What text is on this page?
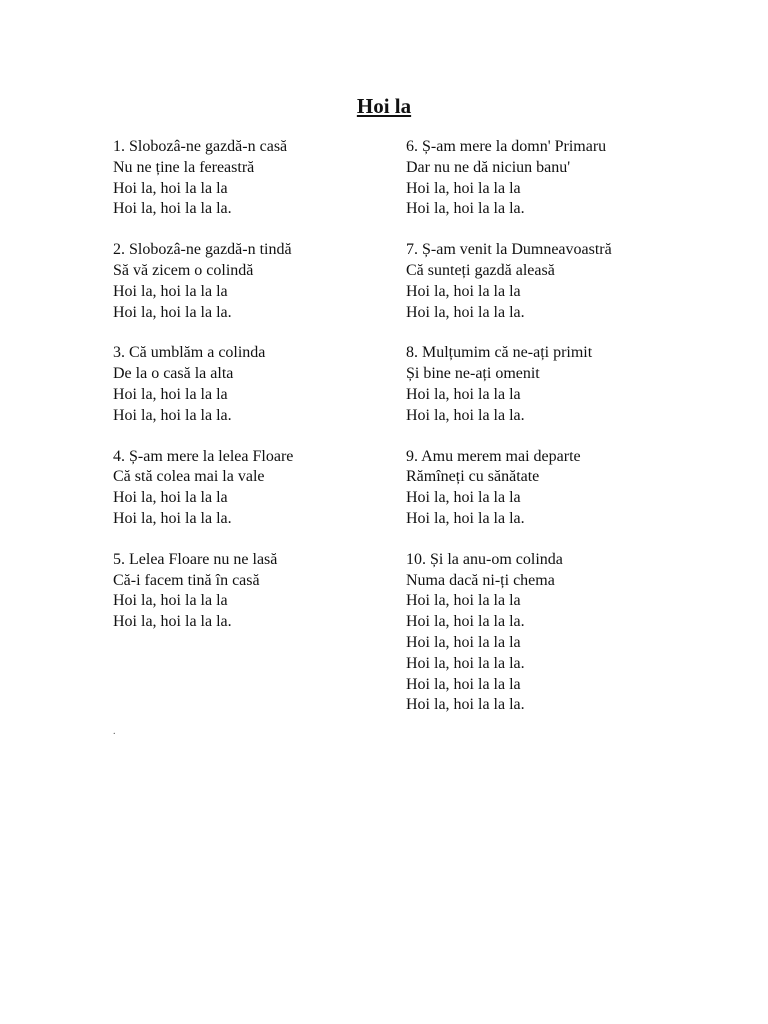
Hoi la
1. Slobozâ-ne gazdă-n casă
Nu ne ține la fereastră
Hoi la, hoi la la la
Hoi la, hoi la la la.
2. Slobozâ-ne gazdă-n tindă
Să vă zicem o colindă
Hoi la, hoi la la la
Hoi la, hoi la la la.
3. Că umblăm a colinda
De la o casă la alta
Hoi la, hoi la la la
Hoi la, hoi la la la.
4. Ș-am mere la lelea Floare
Că stă colea mai la vale
Hoi la, hoi la la la
Hoi la, hoi la la la.
5. Lelea Floare nu ne lasă
Că-i facem tină în casă
Hoi la, hoi la la la
Hoi la, hoi la la la.
6. Ș-am mere la domn' Primaru
Dar nu ne dă niciun banu'
Hoi la, hoi la la la
Hoi la, hoi la la la.
7. Ș-am venit la Dumneavoastră
Că sunteți gazdă aleasă
Hoi la, hoi la la la
Hoi la, hoi la la la.
8. Mulțumim că ne-ați primit
Și bine ne-ați omenit
Hoi la, hoi la la la
Hoi la, hoi la la la.
9. Amu merem mai departe
Rămîneți cu sănătate
Hoi la, hoi la la la
Hoi la, hoi la la la.
10. Și la anu-om colinda
Numa dacă ni-ți chema
Hoi la, hoi la la la
Hoi la, hoi la la la.
Hoi la, hoi la la la
Hoi la, hoi la la la.
Hoi la, hoi la la la
Hoi la, hoi la la la.
.
